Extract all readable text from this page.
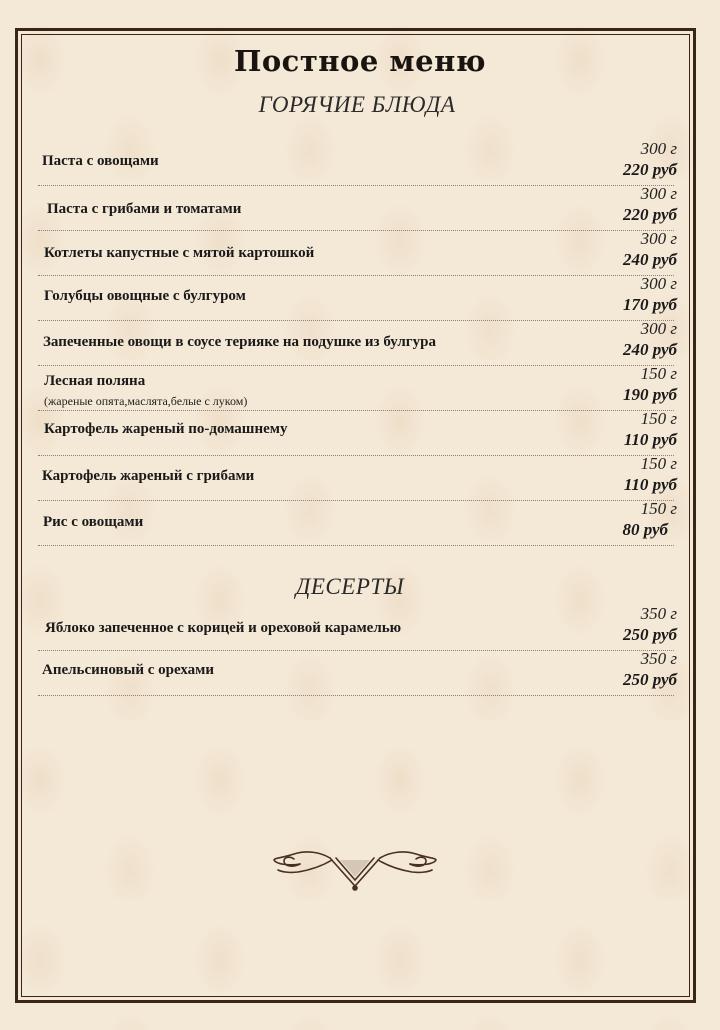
Постное меню
ГОРЯЧИЕ БЛЮДА
Паста с овощами
300 г
220 руб
Паста с грибами и томатами
300 г
220 руб
Котлеты капустные с мятой картошкой
300 г
240 руб
Голубцы овощные с булгуром
300 г
170 руб
Запеченные овощи в соусе терияке на подушке из булгура
300 г
240 руб
Лесная поляна
(жареные опята,маслята,белые с луком)
150 г
190 руб
Картофель жареный по-домашнему
150 г
110 руб
Картофель жареный с грибами
150 г
110 руб
Рис с овощами
150 г
80 руб
ДЕСЕРТЫ
Яблоко запеченное с корицей и ореховой карамелью
350 г
250 руб
Апельсиновый с орехами
350 г
250 руб
